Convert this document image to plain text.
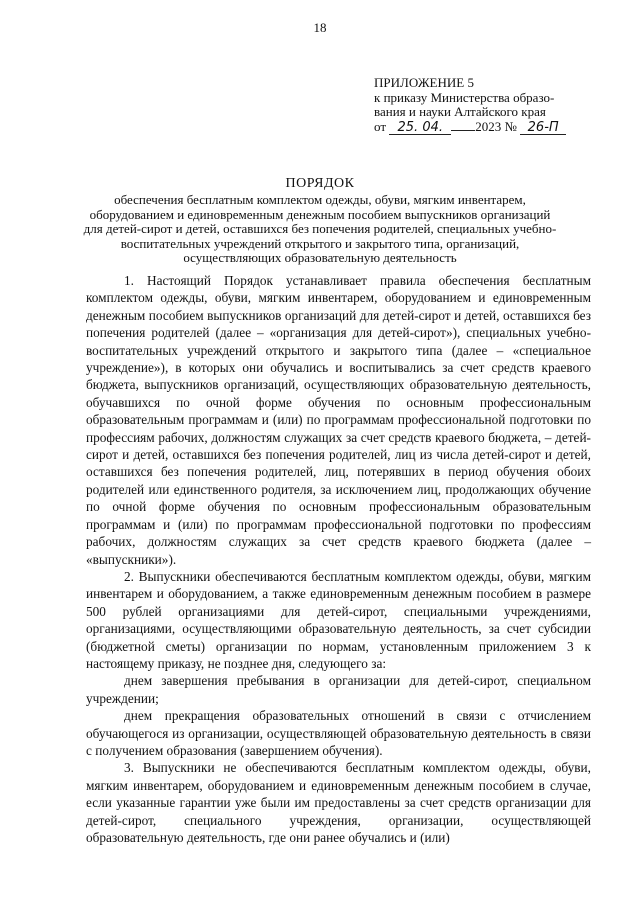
18
ПРИЛОЖЕНИЕ 5
к приказу Министерства образо-
вания и науки Алтайского края
от 25. 04. 2023 № 26-П
ПОРЯДОК
обеспечения бесплатным комплектом одежды, обуви, мягким инвентарем, оборудованием и единовременным денежным пособием выпускников организаций для детей-сирот и детей, оставшихся без попечения родителей, специальных учебно-воспитательных учреждений открытого и закрытого типа, организаций, осуществляющих образовательную деятельность

1. Настоящий Порядок устанавливает правила обеспечения бесплатным комплектом одежды, обуви, мягким инвентарем, оборудованием и единовременным денежным пособием выпускников организаций для детей-сирот и детей, оставшихся без попечения родителей (далее – «организация для детей-сирот»), специальных учебно-воспитательных учреждений открытого и закрытого типа (далее – «специальное учреждение»), в которых они обучались и воспитывались за счет средств краевого бюджета, выпускников организаций, осуществляющих образовательную деятельность, обучавшихся по очной форме обучения по основным профессиональным образовательным программам и (или) по программам профессиональной подготовки по профессиям рабочих, должностям служащих за счет средств краевого бюджета, – детей-сирот и детей, оставшихся без попечения родителей, лиц из числа детей-сирот и детей, оставшихся без попечения родителей, лиц, потерявших в период обучения обоих родителей или единственного родителя, за исключением лиц, продолжающих обучение по очной форме обучения по основным профессиональным образовательным программам и (или) по программам профессиональной подготовки по профессиям рабочих, должностям служащих за счет средств краевого бюджета (далее – «выпускники»).

2. Выпускники обеспечиваются бесплатным комплектом одежды, обуви, мягким инвентарем и оборудованием, а также единовременным денежным пособием в размере 500 рублей организациями для детей-сирот, специальными учреждениями, организациями, осуществляющими образовательную деятельность, за счет субсидии (бюджетной сметы) организации по нормам, установленным приложением 3 к настоящему приказу, не позднее дня, следующего за:

днем завершения пребывания в организации для детей-сирот, специальном учреждении;

днем прекращения образовательных отношений в связи с отчислением обучающегося из организации, осуществляющей образовательную деятельность в связи с получением образования (завершением обучения).

3. Выпускники не обеспечиваются бесплатным комплектом одежды, обуви, мягким инвентарем, оборудованием и единовременным денежным пособием в случае, если указанные гарантии уже были им предоставлены за счет средств организации для детей-сирот, специального учреждения, организации, осуществляющей образовательную деятельность, где они ранее обучались и (или)
